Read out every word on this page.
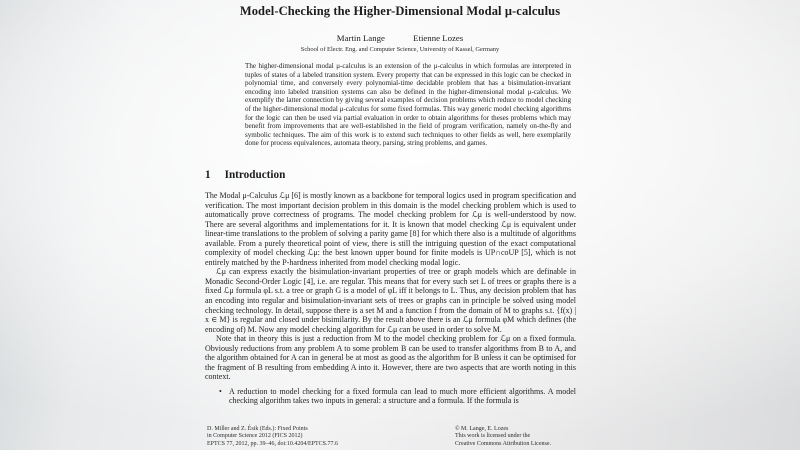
Model-Checking the Higher-Dimensional Modal μ-calculus
Martin Lange	Etienne Lozes
School of Electr. Eng. and Computer Science, University of Kassel, Germany
The higher-dimensional modal μ-calculus is an extension of the μ-calculus in which formulas are interpreted in tuples of states of a labeled transition system. Every property that can be expressed in this logic can be checked in polynomial time, and conversely every polynomial-time decidable problem that has a bisimulation-invariant encoding into labeled transition systems can also be defined in the higher-dimensional modal μ-calculus. We exemplify the latter connection by giving several examples of decision problems which reduce to model checking of the higher-dimensional modal μ-calculus for some fixed formulas. This way generic model checking algorithms for the logic can then be used via partial evaluation in order to obtain algorithms for theses problems which may benefit from improvements that are well-established in the field of program verification, namely on-the-fly and symbolic techniques. The aim of this work is to extend such techniques to other fields as well, here exemplarily done for process equivalences, automata theory, parsing, string problems, and games.
1 Introduction

The Modal μ-Calculus ℒμ [6] is mostly known as a backbone for temporal logics used in program specification and verification. The most important decision problem in this domain is the model checking problem which is used to automatically prove correctness of programs. The model checking problem for ℒμ is well-understood by now. There are several algorithms and implementations for it. It is known that model checking ℒμ is equivalent under linear-time translations to the problem of solving a parity game [8] for which there also is a multitude of algorithms available. From a purely theoretical point of view, there is still the intriguing question of the exact computational complexity of model checking ℒμ: the best known upper bound for finite models is UP∩coUP [5], which is not entirely matched by the P-hardness inherited from model checking modal logic.

ℒμ can express exactly the bisimulation-invariant properties of tree or graph models which are definable in Monadic Second-Order Logic [4], i.e. are regular. This means that for every such set L of trees or graphs there is a fixed ℒμ formula φL s.t. a tree or graph G is a model of φL iff it belongs to L. Thus, any decision problem that has an encoding into regular and bisimulation-invariant sets of trees or graphs can in principle be solved using model checking technology. In detail, suppose there is a set M and a function f from the domain of M to graphs s.t. {f(x) | x ∈ M} is regular and closed under bisimilarity. By the result above there is an ℒμ formula φM which defines (the encoding of) M. Now any model checking algorithm for ℒμ can be used in order to solve M.

Note that in theory this is just a reduction from M to the model checking problem for ℒμ on a fixed formula. Obviously reductions from any problem A to some problem B can be used to transfer algorithms from B to A, and the algorithm obtained for A can in general be at most as good as the algorithm for B unless it can be optimised for the fragment of B resulting from embedding A into it. However, there are two aspects that are worth noting in this context.

• A reduction to model checking for a fixed formula can lead to much more efficient algorithms. A model checking algorithm takes two inputs in general: a structure and a formula. If the formula is
D. Miller and Z. Ésik (Eds.): Fixed Points
in Computer Science 2012 (FICS 2012)
EPTCS 77, 2012, pp. 39–46, doi:10.4204/EPTCS.77.6
© M. Lange, E. Lozes
This work is licensed under the
Creative Commons Attribution License.
